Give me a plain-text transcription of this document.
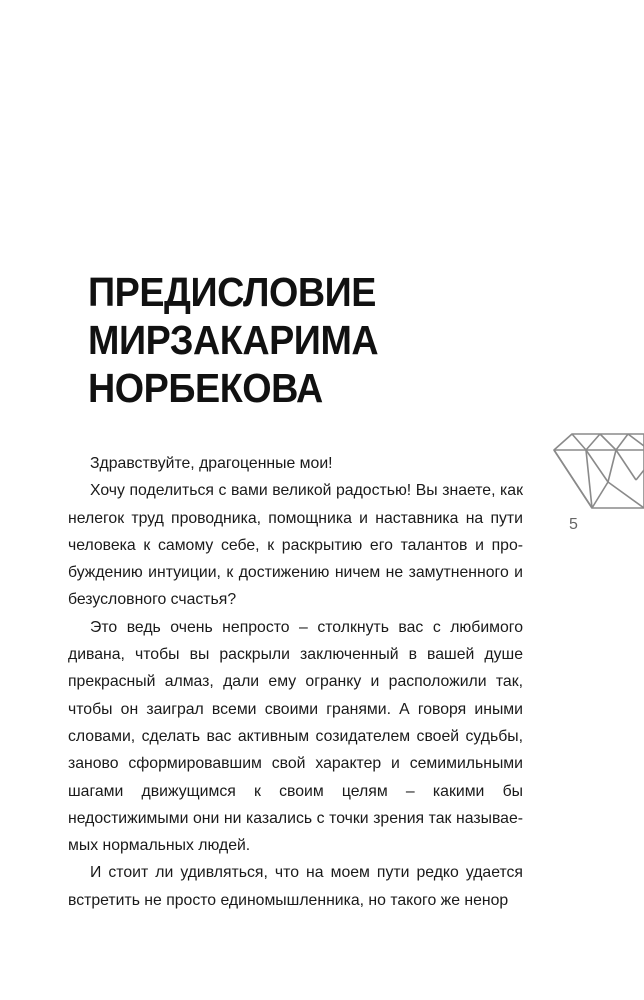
ПРЕДИСЛОВИЕ
МИРЗАКАРИМА
НОРБЕКОВА

Здравствуйте, драгоценные мои!

Хочу поделиться с вами великой радостью! Вы знаете, как нелегок труд проводника, помощника и наставника на пути человека к самому себе, к раскрытию его талантов и пробуждению интуиции, к достижению ничем не замутненного и безусловного счастья?

Это ведь очень непросто – столкнуть вас с любимого дивана, чтобы вы раскрыли заключенный в вашей душе прекрасный алмаз, дали ему огранку и расположили так, чтобы он заиграл всеми своими гранями. А говоря иными словами, сделать вас активным созидателем своей судьбы, заново сформировавшим свой характер и семимильными шагами движущимся к своим целям – какими бы недостижимыми они ни казались с точки зрения так называемых нормальных людей.

И стоит ли удивляться, что на моем пути редко удается встретить не просто единомышленника, но такого же ненор

5
